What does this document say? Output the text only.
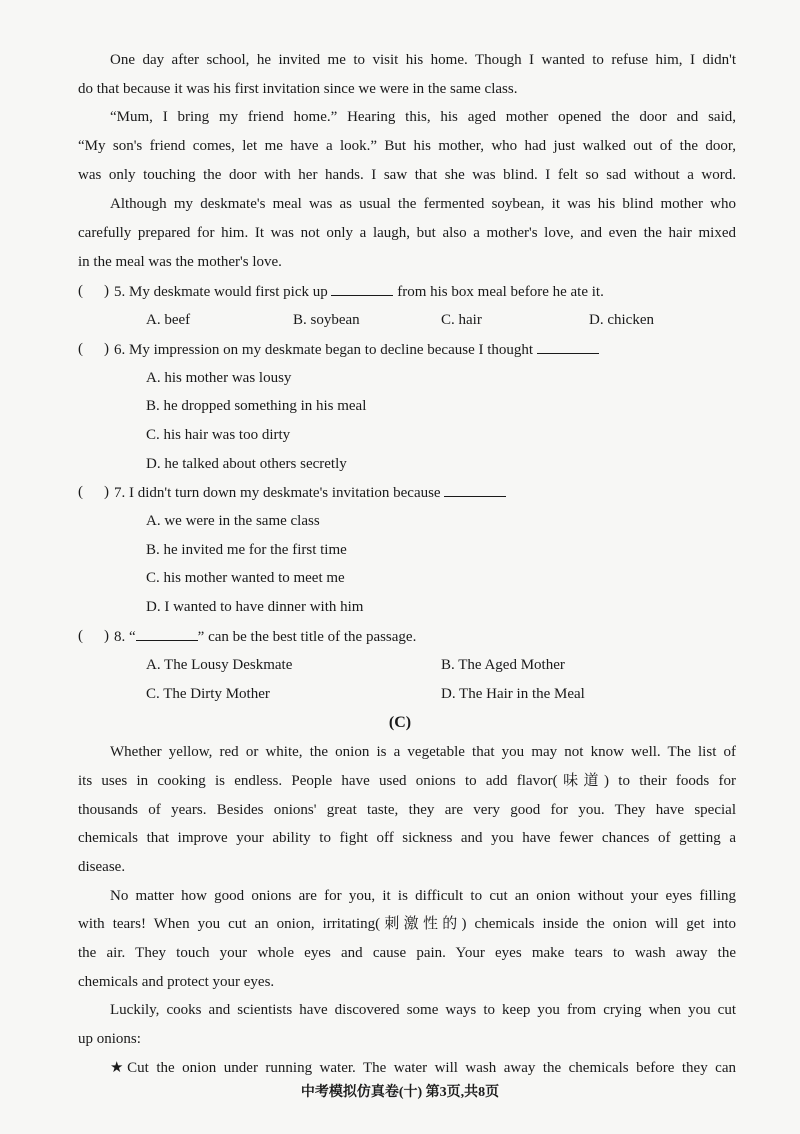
One day after school, he invited me to visit his home. Though I wanted to refuse him, I didn't
do that because it was his first invitation since we were in the same class.
“Mum, I bring my friend home.” Hearing this, his aged mother opened the door and said,
“My son's friend comes, let me have a look.” But his mother, who had just walked out of the door,
was only touching the door with her hands. I saw that she was blind. I felt so sad without a word.
Although my deskmate's meal was as usual the fermented soybean, it was his blind mother who
carefully prepared for him. It was not only a laugh, but also a mother's love, and even the hair mixed
in the meal was the mother's love.
( ) 5. My deskmate would first pick up	from his box meal before he ate it.
A. beef	B. soybean	C. hair	D. chicken
( ) 6. My impression on my deskmate began to decline because I thought
A. his mother was lousy
B. he dropped something in his meal
C. his hair was too dirty
D. he talked about others secretly
( ) 7. I didn't turn down my deskmate's invitation because
A. we were in the same class
B. he invited me for the first time
C. his mother wanted to meet me
D. I wanted to have dinner with him
( ) 8. “	” can be the best title of the passage.
A. The Lousy Deskmate	B. The Aged Mother
C. The Dirty Mother	D. The Hair in the Meal
(C)
Whether yellow, red or white, the onion is a vegetable that you may not know well. The list of
its uses in cooking is endless. People have used onions to add flavor(味道) to their foods for
thousands of years. Besides onions' great taste, they are very good for you. They have special
chemicals that improve your ability to fight off sickness and you have fewer chances of getting a
disease.
No matter how good onions are for you, it is difficult to cut an onion without your eyes filling
with tears! When you cut an onion, irritating(刺激性的) chemicals inside the onion will get into
the air. They touch your whole eyes and cause pain. Your eyes make tears to wash away the
chemicals and protect your eyes.
Luckily, cooks and scientists have discovered some ways to keep you from crying when you cut
up onions:
★Cut the onion under running water. The water will wash away the chemicals before they can
中考模拟仿真卷(十) 第3页,共8页
